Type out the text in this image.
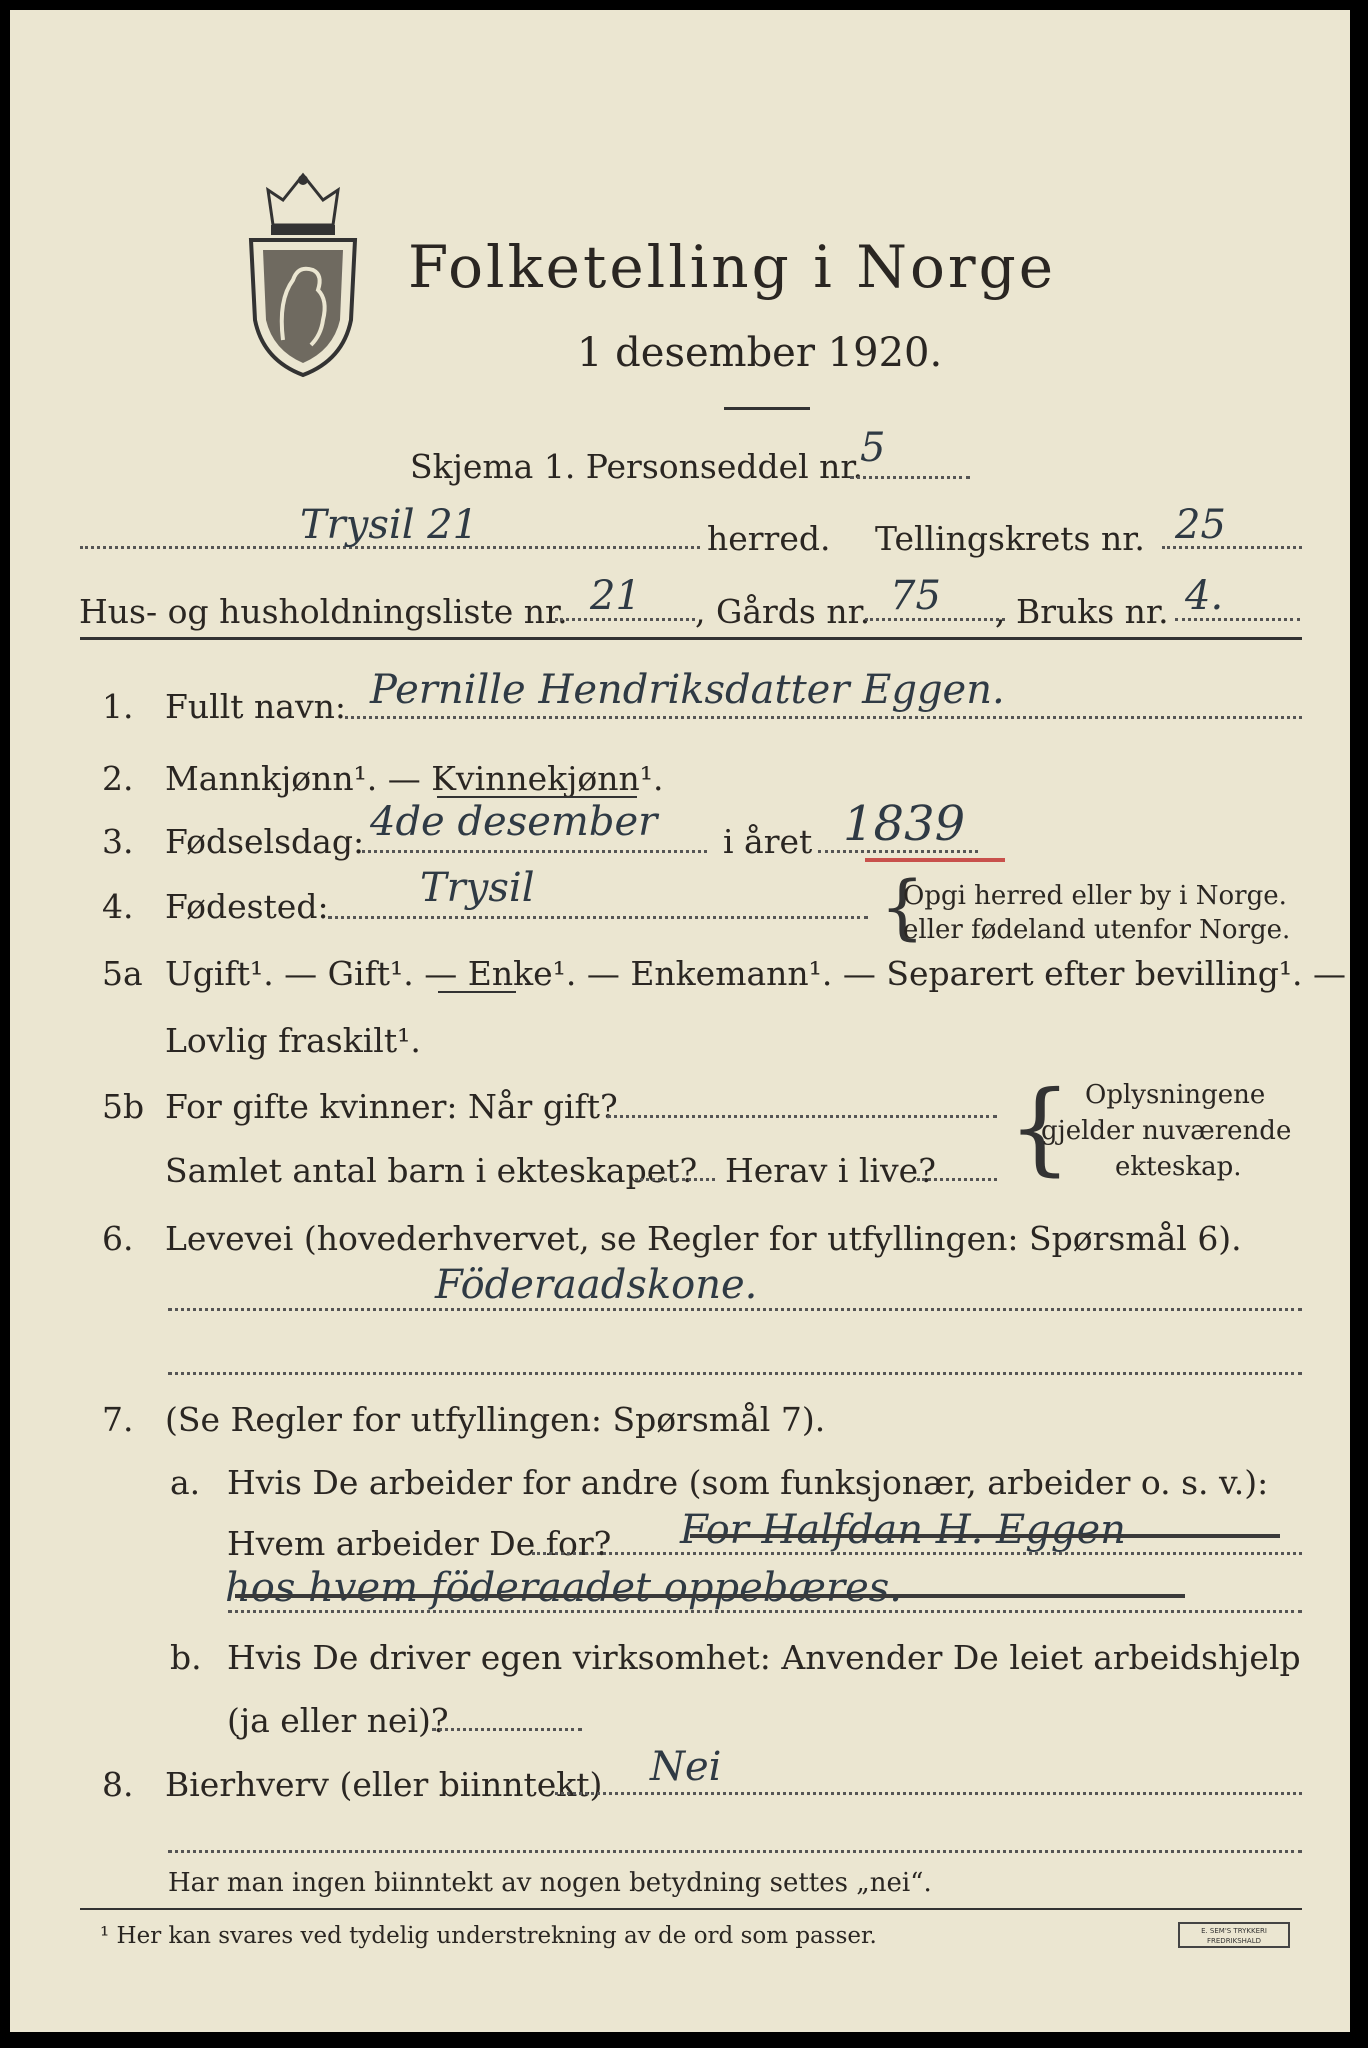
Folketelling i Norge
1 desember 1920.
Skjema 1. Personseddel nr.
5
Trysil 21	herred. Tellingskrets nr. 25
Hus- og husholdningsliste nr. 21 , Gårds nr. 75 , Bruks nr. 4.
1. Fullt navn: Pernille Hendriksdatter Eggen.
2. Mannkjønn¹. — Kvinnekjønn¹.
3. Fødselsdag: 4de desember i året 1839
4. Fødested: Trysil	{
Opgi herred eller by i Norge.
eller fødeland utenfor Norge.
5a Ugift¹. — Gift¹. — Enke¹. — Enkemann¹. — Separert efter bevilling¹. —
Lovlig fraskilt¹.
5b For gifte kvinner: Når gift?
Samlet antal barn i ekteskapet? Herav i live? { Oplysningene
gjelder nuværende
ekteskap.
6. Levevei (hovederhvervet, se Regler for utfyllingen: Spørsmål 6).
Föderaadskone.
7. (Se Regler for utfyllingen: Spørsmål 7).
a. Hvis De arbeider for andre (som funksjonær, arbeider o. s. v.):
Hvem arbeider De for? For Halfdan H. Eggen
hos hvem föderaadet oppebæres.
b. Hvis De driver egen virksomhet: Anvender De leiet arbeidshjelp
(ja eller nei)?
8. Bierhverv (eller biinntekt) Nei
Har man ingen biinntekt av nogen betydning settes „nei“.
¹ Her kan svares ved tydelig understrekning av de ord som passer.	E. SEM'S TRYKKERI FREDRIKSHALD
